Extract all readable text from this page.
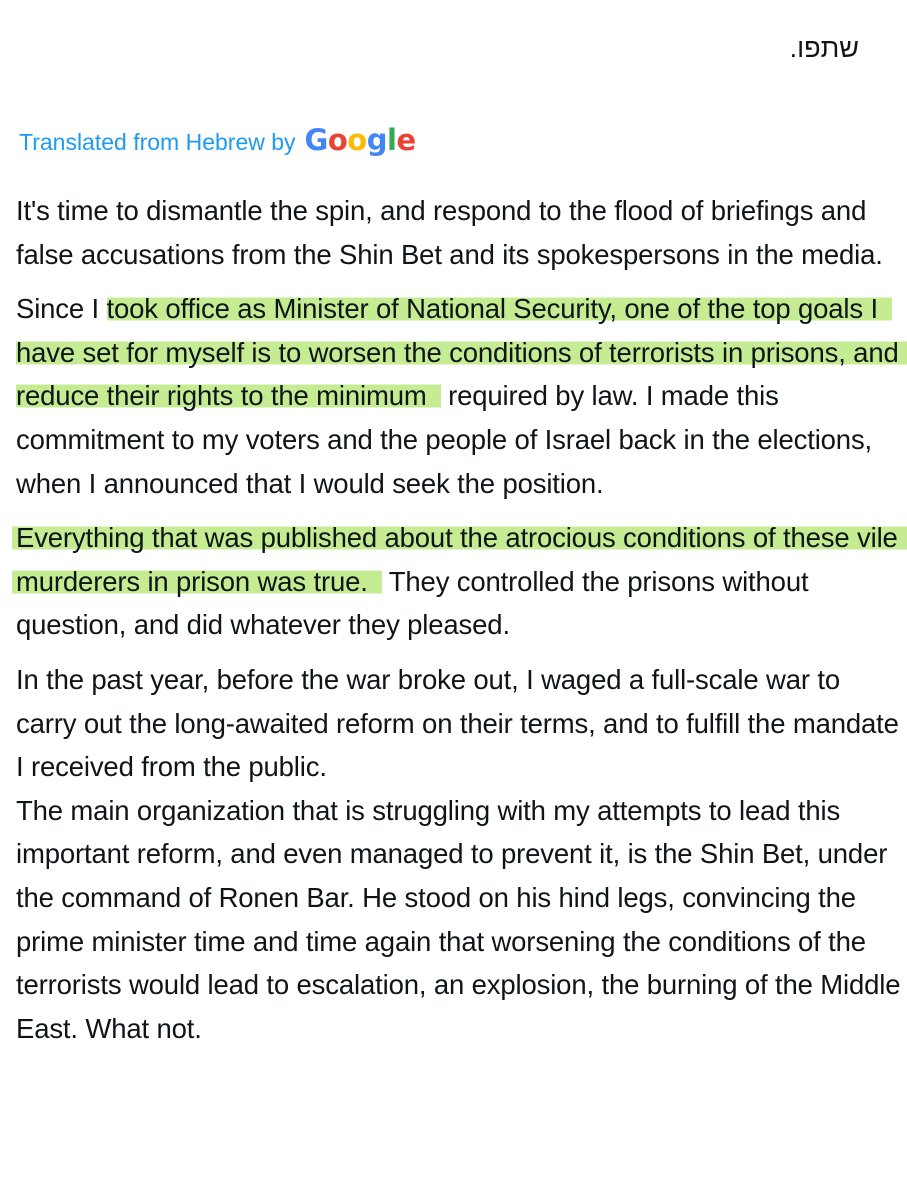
שתפו.
Translated from Hebrew by Google

It's time to dismantle the spin, and respond to the flood of briefings and false accusations from the Shin Bet and its spokespersons in the media.

Since I took office as Minister of National Security, one of the top goals I have set for myself is to worsen the conditions of terrorists in prisons, and reduce their rights to the minimum required by law. I made this commitment to my voters and the people of Israel back in the elections, when I announced that I would seek the position.

Everything that was published about the atrocious conditions of these vile murderers in prison was true. They controlled the prisons without question, and did whatever they pleased.

In the past year, before the war broke out, I waged a full-scale war to carry out the long-awaited reform on their terms, and to fulfill the mandate I received from the public.

The main organization that is struggling with my attempts to lead this important reform, and even managed to prevent it, is the Shin Bet, under the command of Ronen Bar. He stood on his hind legs, convincing the prime minister time and time again that worsening the conditions of the terrorists would lead to escalation, an explosion, the burning of the Middle East. What not.
